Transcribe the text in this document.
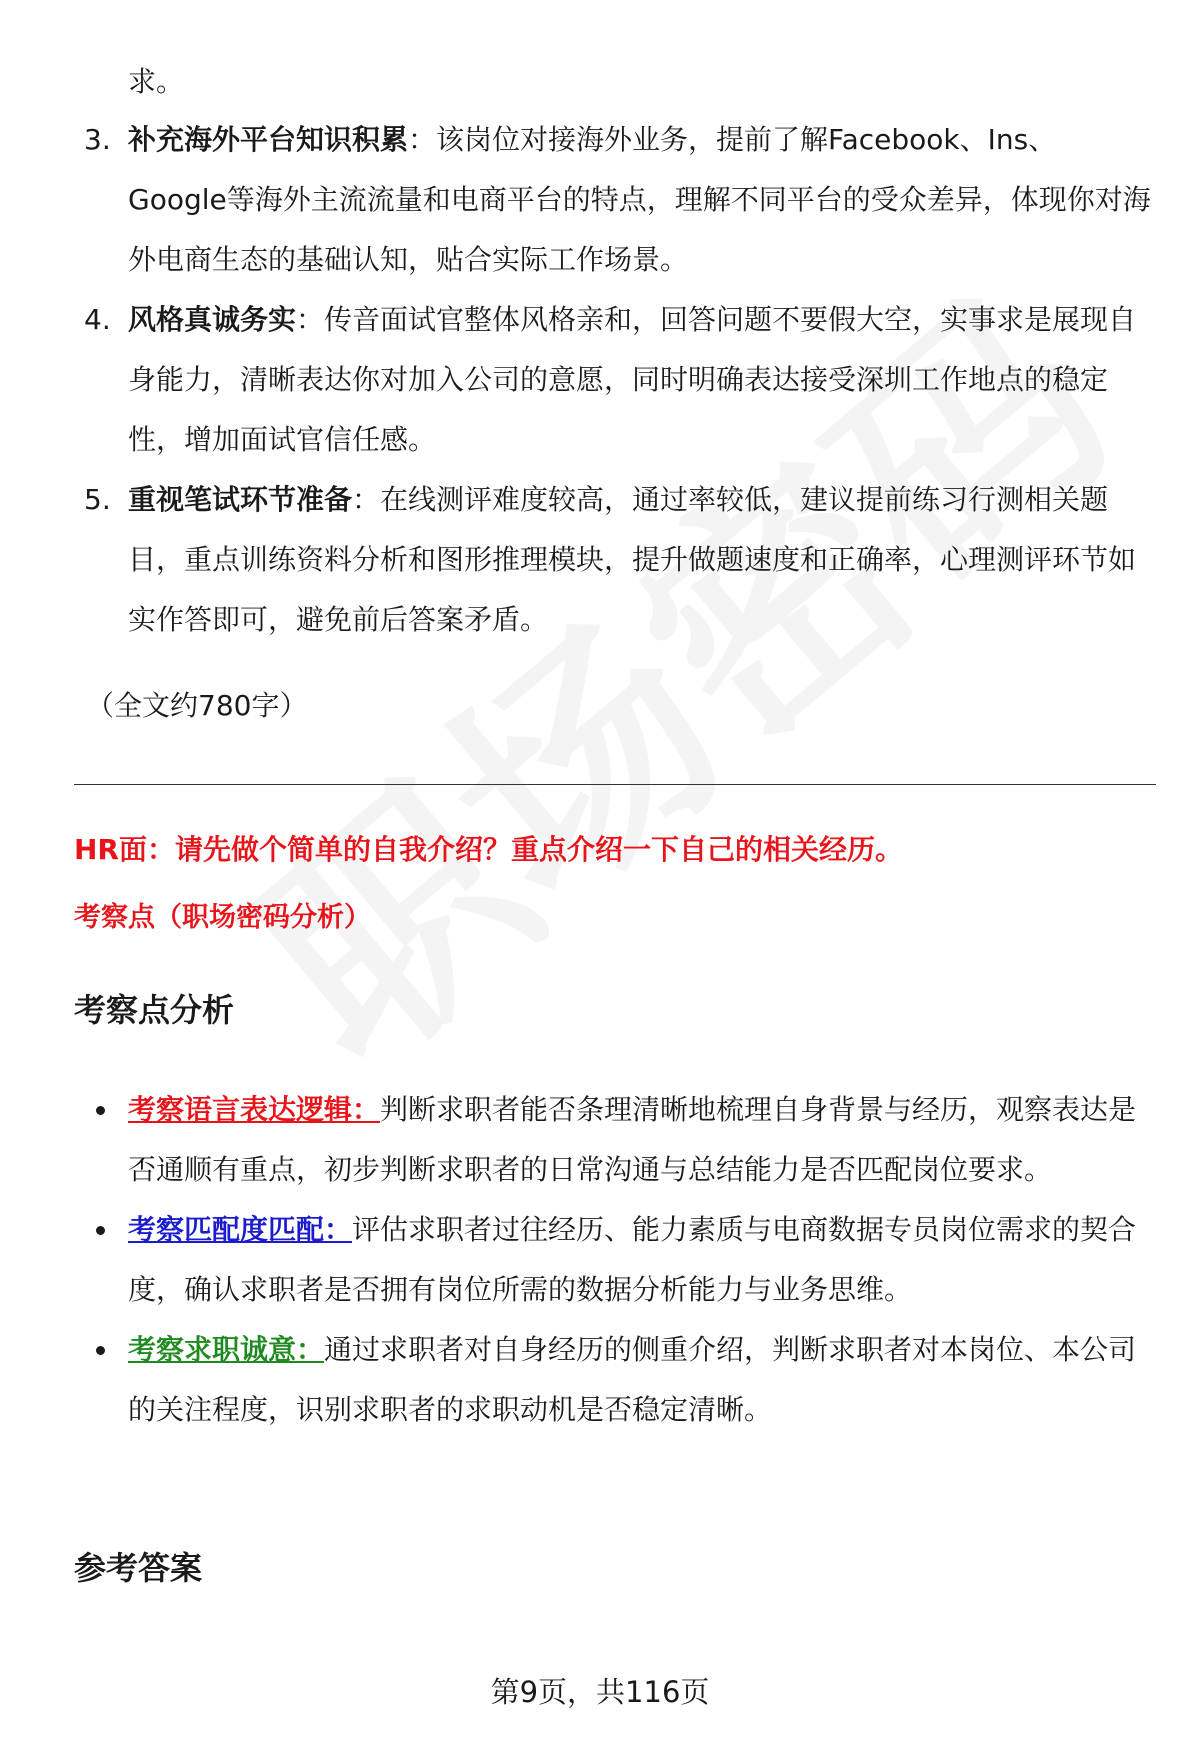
求。
3. 补充海外平台知识积累：该岗位对接海外业务，提前了解Facebook、Ins、Google等海外主流流量和电商平台的特点，理解不同平台的受众差异，体现你对海外电商生态的基础认知，贴合实际工作场景。
4. 风格真诚务实：传音面试官整体风格亲和，回答问题不要假大空，实事求是展现自身能力，清晰表达你对加入公司的意愿，同时明确表达接受深圳工作地点的稳定性，增加面试官信任感。
5. 重视笔试环节准备：在线测评难度较高，通过率较低，建议提前练习行测相关题目，重点训练资料分析和图形推理模块，提升做题速度和正确率，心理测评环节如实作答即可，避免前后答案矛盾。
（全文约780字）
HR面：请先做个简单的自我介绍？重点介绍一下自己的相关经历。
考察点（职场密码分析）
考察点分析
考察语言表达逻辑：判断求职者能否条理清晰地梳理自身背景与经历，观察表达是否通顺有重点，初步判断求职者的日常沟通与总结能力是否匹配岗位要求。
考察匹配度匹配：评估求职者过往经历、能力素质与电商数据专员岗位需求的契合度，确认求职者是否拥有岗位所需的数据分析能力与业务思维。
考察求职诚意：通过求职者对自身经历的侧重介绍，判断求职者对本岗位、本公司的关注程度，识别求职者的求职动机是否稳定清晰。
参考答案
第9页，共116页
